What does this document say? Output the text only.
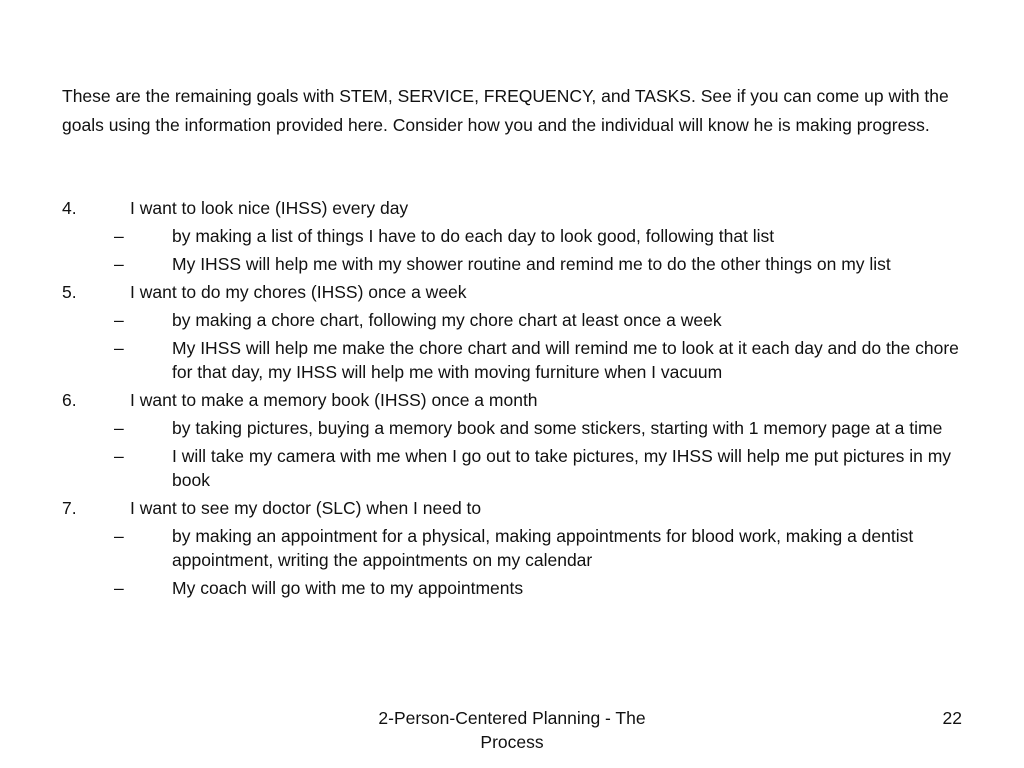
These are the remaining goals with STEM, SERVICE, FREQUENCY, and TASKS. See if you can come up with the goals using the information provided here. Consider how you and the individual will know he is making progress.

4.	I want to look nice (IHSS) every day
–	by making a list of things I have to do each day to look good, following that list
–	My IHSS will help me with my shower routine and remind me to do the other things on my list
5.	I want to do my chores (IHSS) once a week
–	by making a chore chart, following my chore chart at least once a week
–	My IHSS will help me make the chore chart and will remind me to look at it each day and do the chore for that day, my IHSS will help me with moving furniture when I vacuum
6.	I want to make a memory book (IHSS) once a month
–	by taking pictures, buying a memory book and some stickers, starting with 1 memory page at a time
–	I will take my camera with me when I go out to take pictures, my IHSS will help me put pictures in my book
7.	I want to see my doctor (SLC) when I need to
–	by making an appointment for a physical, making appointments for blood work, making a dentist appointment, writing the appointments on my calendar
–	My coach will go with me to my appointments

2-Person-Centered Planning - The Process

22
